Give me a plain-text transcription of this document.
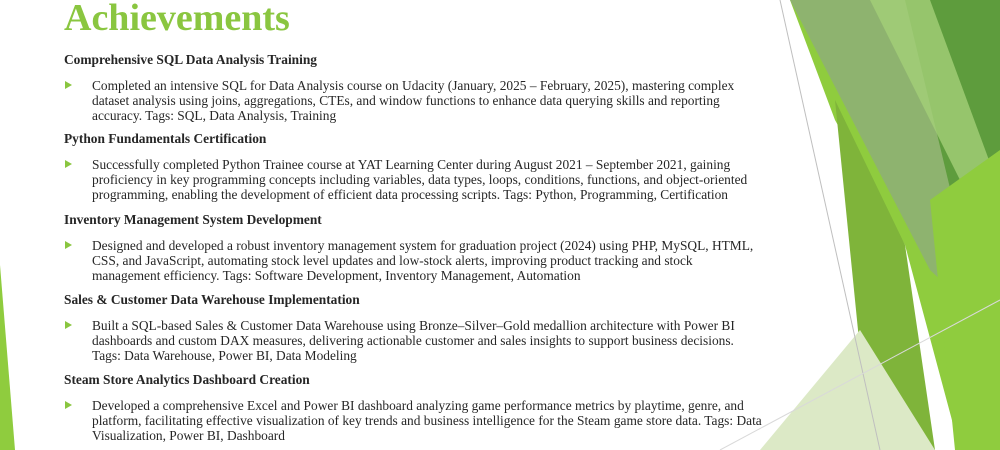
Achievements
Comprehensive SQL Data Analysis Training
Completed an intensive SQL for Data Analysis course on Udacity (January, 2025 – February, 2025), mastering complex dataset analysis using joins, aggregations, CTEs, and window functions to enhance data querying skills and reporting accuracy. Tags: SQL, Data Analysis, Training
Python Fundamentals Certification
Successfully completed Python Trainee course at YAT Learning Center during August 2021 – September 2021, gaining proficiency in key programming concepts including variables, data types, loops, conditions, functions, and object-oriented programming, enabling the development of efficient data processing scripts. Tags: Python, Programming, Certification
Inventory Management System Development
Designed and developed a robust inventory management system for graduation project (2024) using PHP, MySQL, HTML, CSS, and JavaScript, automating stock level updates and low-stock alerts, improving product tracking and stock management efficiency. Tags: Software Development, Inventory Management, Automation
Sales & Customer Data Warehouse Implementation
Built a SQL-based Sales & Customer Data Warehouse using Bronze–Silver–Gold medallion architecture with Power BI dashboards and custom DAX measures, delivering actionable customer and sales insights to support business decisions. Tags: Data Warehouse, Power BI, Data Modeling
Steam Store Analytics Dashboard Creation
Developed a comprehensive Excel and Power BI dashboard analyzing game performance metrics by playtime, genre, and platform, facilitating effective visualization of key trends and business intelligence for the Steam game store data. Tags: Data Visualization, Power BI, Dashboard
